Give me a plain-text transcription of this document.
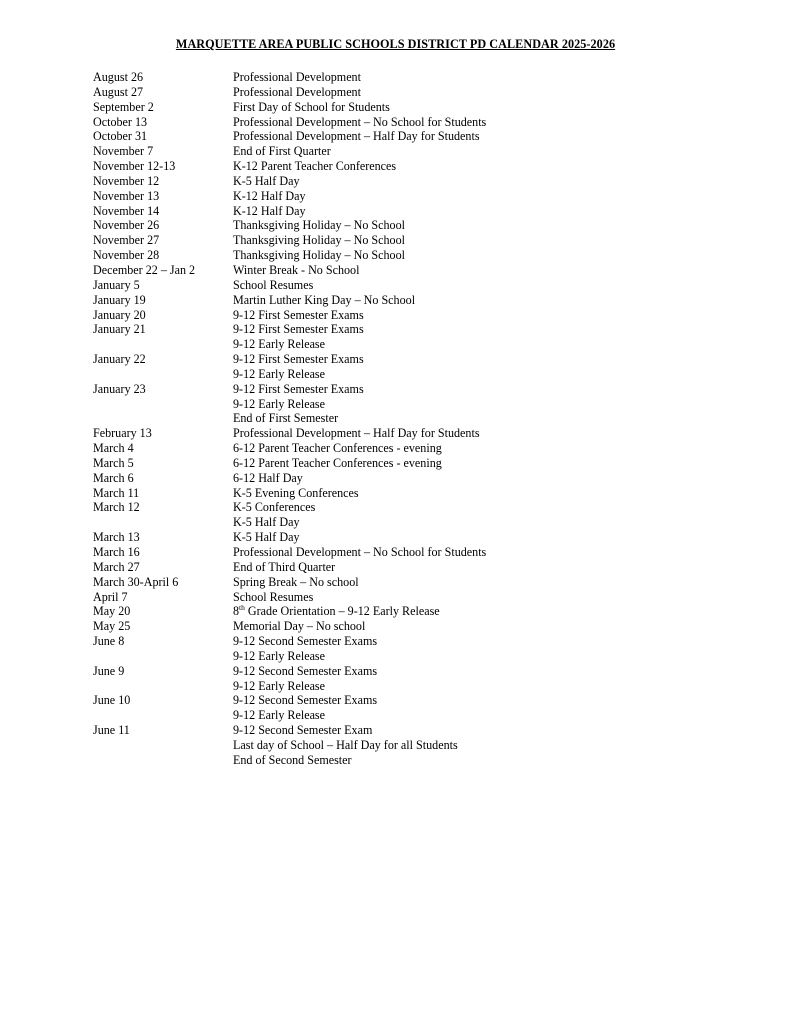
MARQUETTE AREA PUBLIC SCHOOLS DISTRICT PD CALENDAR 2025-2026
August 26	Professional Development
August 27	Professional Development
September 2	First Day of School for Students
October 13	Professional Development – No School for Students
October 31	Professional Development – Half Day for Students
November 7	End of First Quarter
November 12-13	K-12 Parent Teacher Conferences
November 12	K-5 Half Day
November 13	K-12 Half Day
November 14	K-12 Half Day
November 26	Thanksgiving Holiday – No School
November 27	Thanksgiving Holiday – No School
November 28	Thanksgiving Holiday – No School
December 22 – Jan 2	Winter Break - No School
January 5	School Resumes
January 19	Martin Luther King Day – No School
January 20	9-12 First Semester Exams
January 21	9-12 First Semester Exams
9-12 Early Release
January 22	9-12 First Semester Exams
9-12 Early Release
January 23	9-12 First Semester Exams
9-12 Early Release
End of First Semester
February 13	Professional Development – Half Day for Students
March 4	6-12 Parent Teacher Conferences - evening
March 5	6-12 Parent Teacher Conferences - evening
March 6	6-12 Half Day
March 11	K-5 Evening Conferences
March 12	K-5 Conferences
K-5 Half Day
March 13	K-5 Half Day
March 16	Professional Development – No School for Students
March 27	End of Third Quarter
March 30-April 6	Spring Break – No school
April 7	School Resumes
May 20	8th Grade Orientation – 9-12 Early Release
May 25	Memorial Day – No school
June 8	9-12 Second Semester Exams
9-12 Early Release
June 9	9-12 Second Semester Exams
9-12 Early Release
June 10	9-12 Second Semester Exams
9-12 Early Release
June 11	9-12 Second Semester Exam
Last day of School – Half Day for all Students
End of Second Semester
